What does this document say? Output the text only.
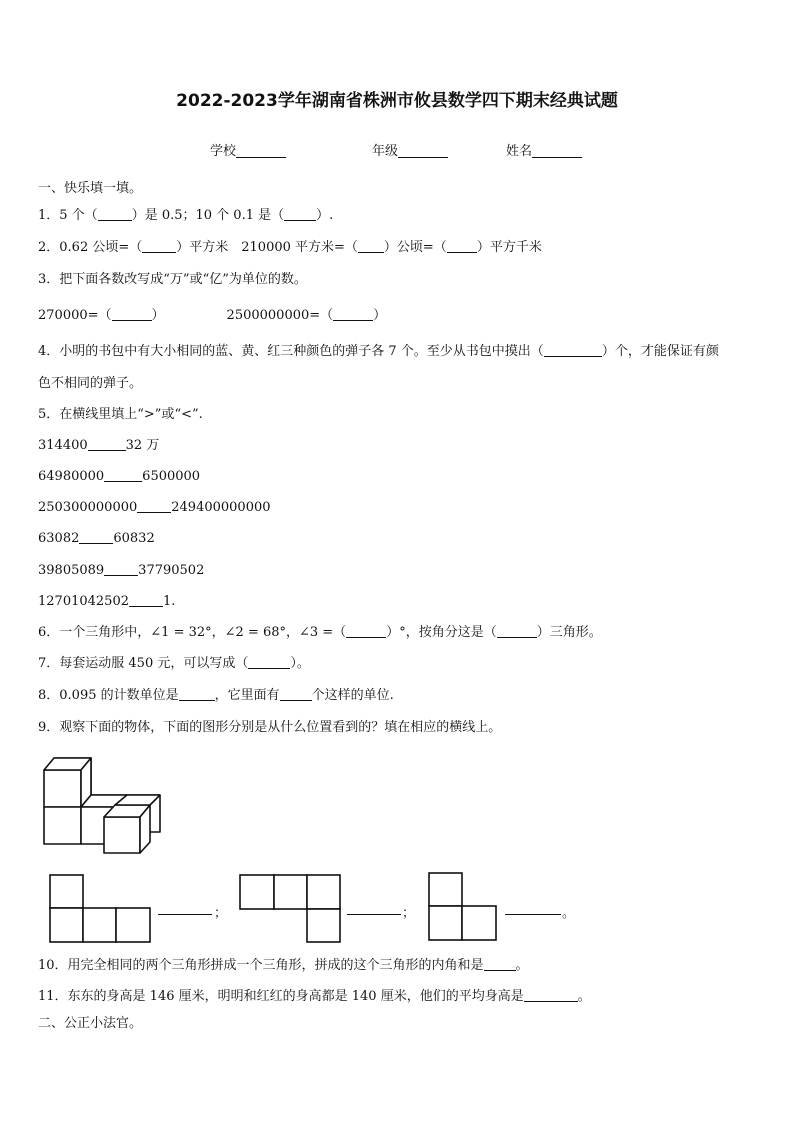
2022-2023学年湖南省株洲市攸县数学四下期末经典试题
学校	年级	姓名
一、快乐填一填。
1．5 个（	）是 0.5；10 个 0.1 是（ ）.
2．0.62 公顷=（	）平方米　210000 平方米=（ ）公顷=（ ）平方千米
3．把下面各数改写成“万”或“亿”为单位的数。
270000=（	）	2500000000=（	）
4．小明的书包中有大小相同的蓝、黄、红三种颜色的弹子各 7 个。至少从书包中摸出（	）个，才能保证有颜
色不相同的弹子。
5．在横线里填上“>”或“<”.
314400	32 万
64980000	6500000
250300000000	249400000000
63082	60832
39805089	37790502
12701042502	1.
6．一个三角形中，∠1 = 32°，∠2 = 68°，∠3 =（	）°，按角分这是（	）三角形。
7．每套运动服 450 元，可以写成（	）。
8．0.095 的计数单位是	，它里面有 个这样的单位.
9．观察下面的物体，下面的图形分别是从什么位置看到的？填在相应的横线上。
；	；	。
10．用完全相同的两个三角形拼成一个三角形，拼成的这个三角形的内角和是 。
11．东东的身高是 146 厘米，明明和红红的身高都是 140 厘米，他们的平均身高是	。
二、公正小法官。
